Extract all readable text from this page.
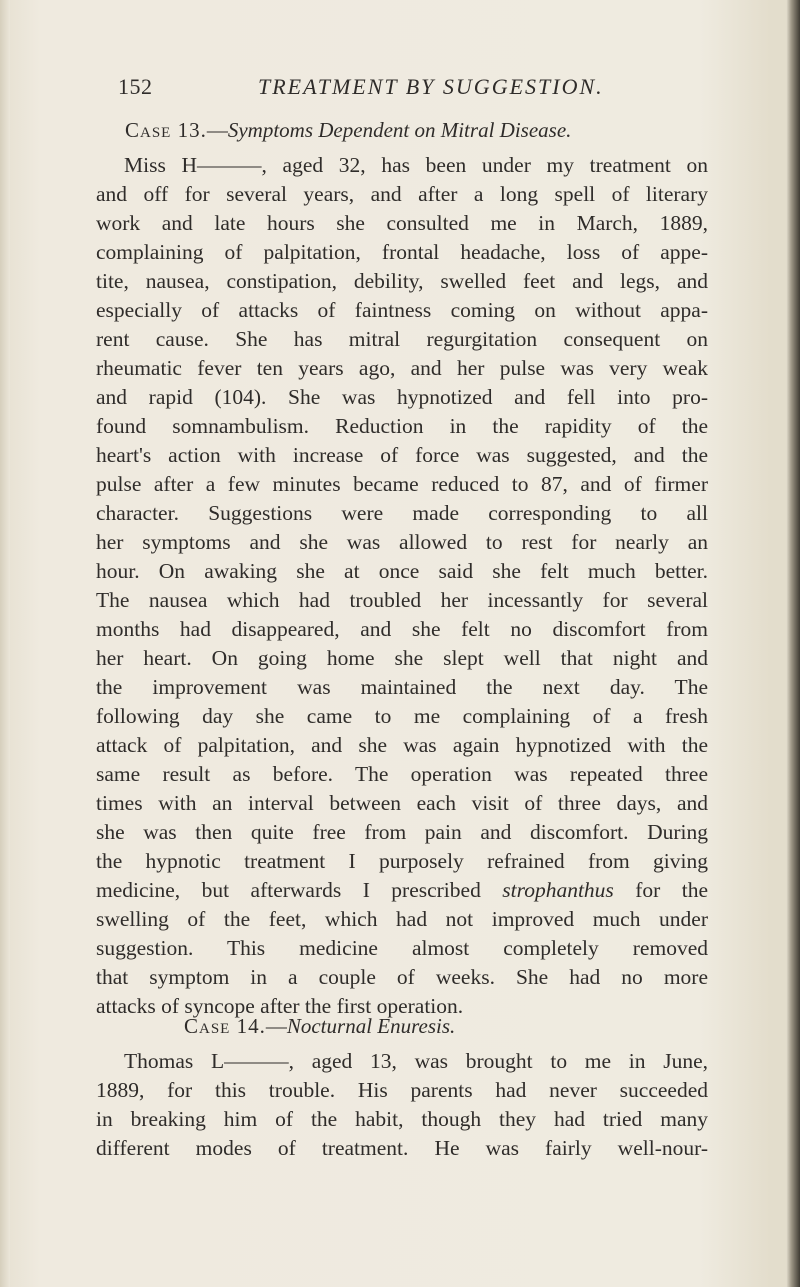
152	TREATMENT BY SUGGESTION.
Case 13.—Symptoms Dependent on Mitral Disease.
Miss H———, aged 32, has been under my treatment on
and off for several years, and after a long spell of literary
work and late hours she consulted me in March, 1889,
complaining of palpitation, frontal headache, loss of appe-
tite, nausea, constipation, debility, swelled feet and legs, and
especially of attacks of faintness coming on without appa-
rent cause. She has mitral regurgitation consequent on
rheumatic fever ten years ago, and her pulse was very weak
and rapid (104). She was hypnotized and fell into pro-
found somnambulism. Reduction in the rapidity of the
heart's action with increase of force was suggested, and the
pulse after a few minutes became reduced to 87, and of firmer
character. Suggestions were made corresponding to all
her symptoms and she was allowed to rest for nearly an
hour. On awaking she at once said she felt much better.
The nausea which had troubled her incessantly for several
months had disappeared, and she felt no discomfort from
her heart. On going home she slept well that night and
the improvement was maintained the next day. The
following day she came to me complaining of a fresh
attack of palpitation, and she was again hypnotized with the
same result as before. The operation was repeated three
times with an interval between each visit of three days, and
she was then quite free from pain and discomfort. During
the hypnotic treatment I purposely refrained from giving
medicine, but afterwards I prescribed strophanthus for the
swelling of the feet, which had not improved much under
suggestion. This medicine almost completely removed
that symptom in a couple of weeks. She had no more
attacks of syncope after the first operation.
Case 14.—Nocturnal Enuresis.
Thomas L———, aged 13, was brought to me in June,
1889, for this trouble. His parents had never succeeded
in breaking him of the habit, though they had tried many
different modes of treatment. He was fairly well-nour-
